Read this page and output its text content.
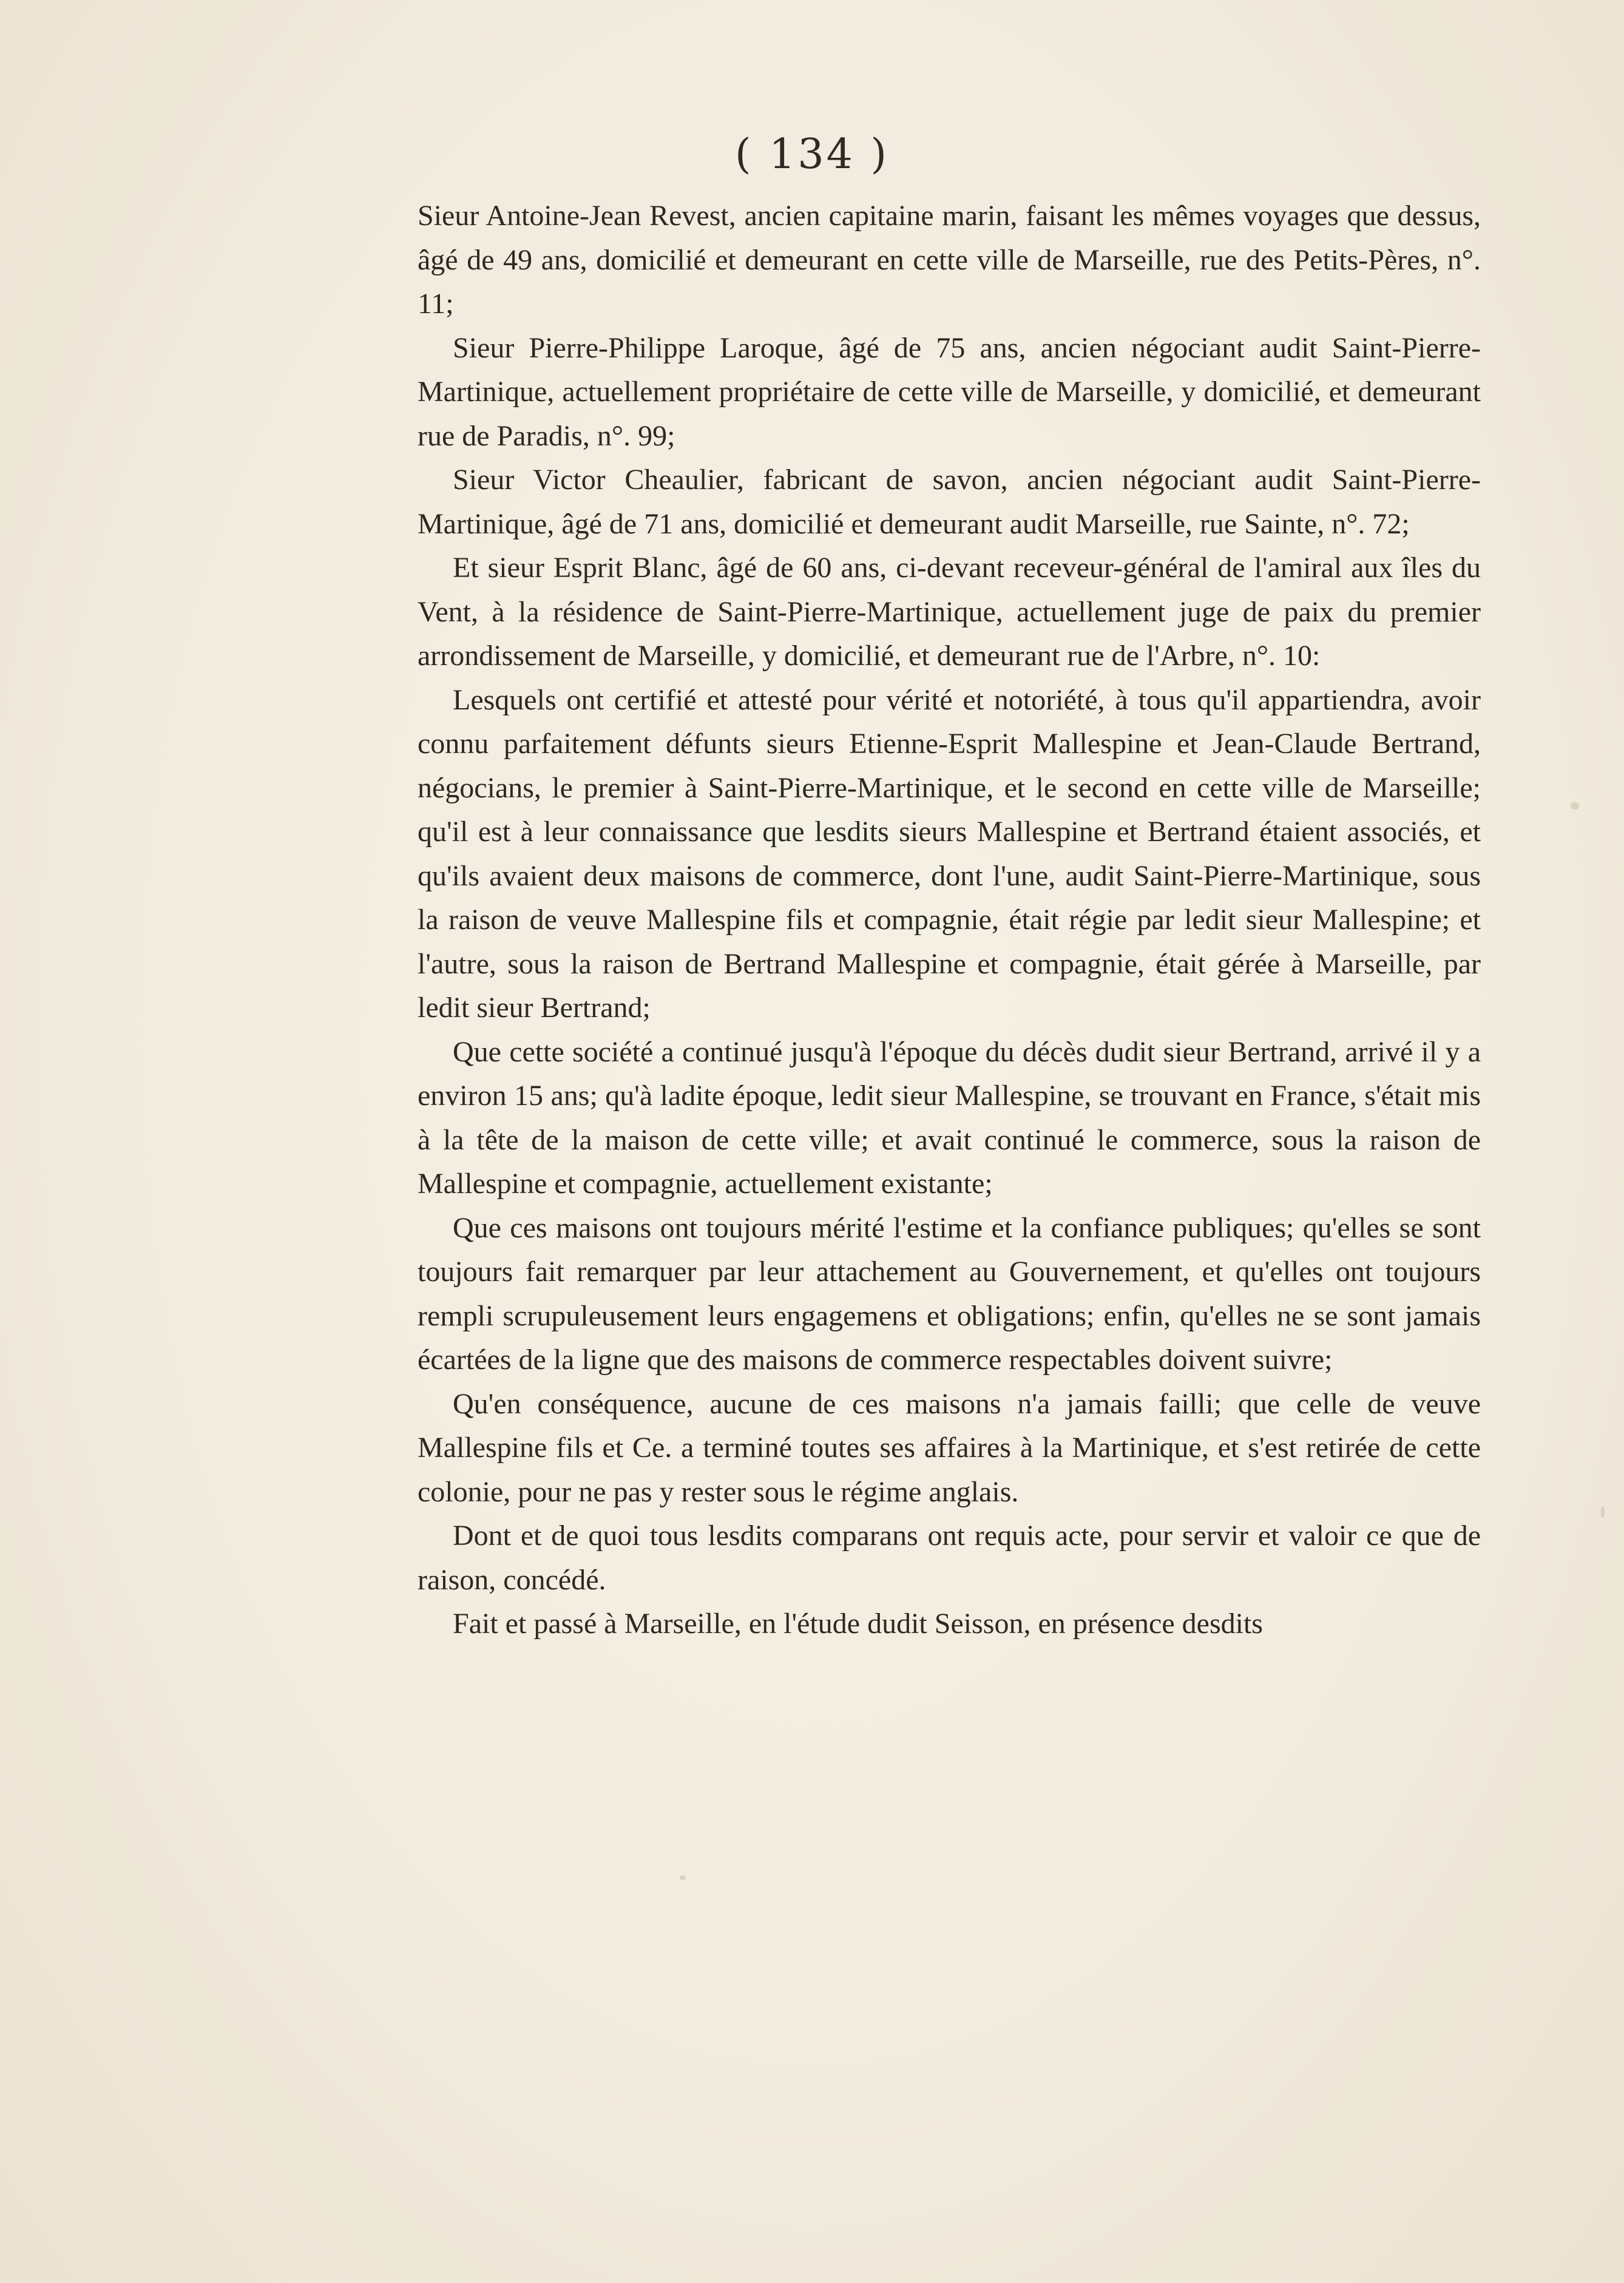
( 134 )

Sieur Antoine-Jean Revest, ancien capitaine marin, faisant les mêmes voyages que dessus, âgé de 49 ans, domicilié et demeurant en cette ville de Marseille, rue des Petits-Pères, n°. 11;

Sieur Pierre-Philippe Laroque, âgé de 75 ans, ancien négociant audit Saint-Pierre-Martinique, actuellement propriétaire de cette ville de Marseille, y domicilié, et demeurant rue de Paradis, n°. 99;

Sieur Victor Cheaulier, fabricant de savon, ancien négociant audit Saint-Pierre-Martinique, âgé de 71 ans, domicilié et demeurant audit Marseille, rue Sainte, n°. 72;

Et sieur Esprit Blanc, âgé de 60 ans, ci-devant receveur-général de l'amiral aux îles du Vent, à la résidence de Saint-Pierre-Martinique, actuellement juge de paix du premier arrondissement de Marseille, y domicilié, et demeurant rue de l'Arbre, n°. 10:

Lesquels ont certifié et attesté pour vérité et notoriété, à tous qu'il appartiendra, avoir connu parfaitement défunts sieurs Etienne-Esprit Mallespine et Jean-Claude Bertrand, négocians, le premier à Saint-Pierre-Martinique, et le second en cette ville de Marseille; qu'il est à leur connaissance que lesdits sieurs Mallespine et Bertrand étaient associés, et qu'ils avaient deux maisons de commerce, dont l'une, audit Saint-Pierre-Martinique, sous la raison de veuve Mallespine fils et compagnie, était régie par ledit sieur Mallespine; et l'autre, sous la raison de Bertrand Mallespine et compagnie, était gérée à Marseille, par ledit sieur Bertrand;

Que cette société a continué jusqu'à l'époque du décès dudit sieur Bertrand, arrivé il y a environ 15 ans; qu'à ladite époque, ledit sieur Mallespine, se trouvant en France, s'était mis à la tête de la maison de cette ville; et avait continué le commerce, sous la raison de Mallespine et compagnie, actuellement existante;

Que ces maisons ont toujours mérité l'estime et la confiance publiques; qu'elles se sont toujours fait remarquer par leur attachement au Gouvernement, et qu'elles ont toujours rempli scrupuleusement leurs engagemens et obligations; enfin, qu'elles ne se sont jamais écartées de la ligne que des maisons de commerce respectables doivent suivre;

Qu'en conséquence, aucune de ces maisons n'a jamais failli; que celle de veuve Mallespine fils et Ce. a terminé toutes ses affaires à la Martinique, et s'est retirée de cette colonie, pour ne pas y rester sous le régime anglais.

Dont et de quoi tous lesdits comparans ont requis acte, pour servir et valoir ce que de raison, concédé.

Fait et passé à Marseille, en l'étude dudit Seisson, en présence desdits
